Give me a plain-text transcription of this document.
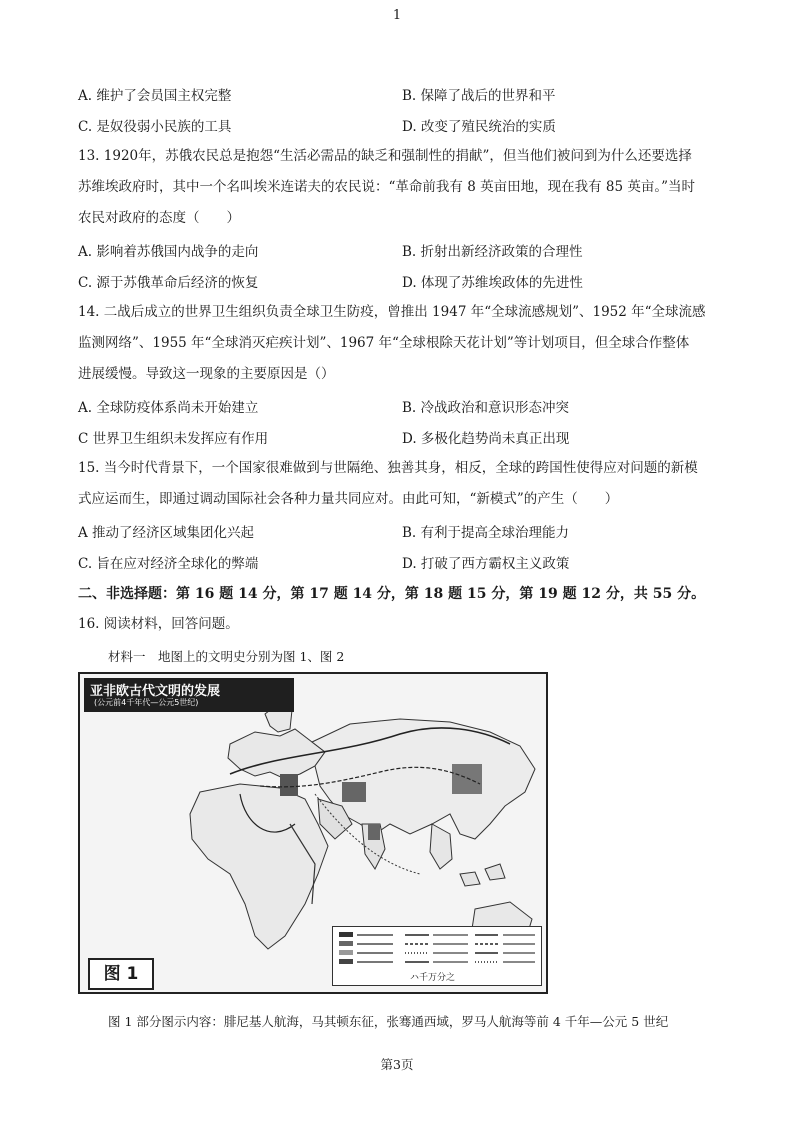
1
A. 维护了会员国主权完整	B. 保障了战后的世界和平
C. 是奴役弱小民族的工具	D. 改变了殖民统治的实质
13. 1920年，苏俄农民总是抱怨“生活必需品的缺乏和强制性的捐献”，但当他们被问到为什么还要选择
苏维埃政府时，其中一个名叫埃米连诺夫的农民说：“革命前我有 8 英亩田地，现在我有 85 英亩。”当时
农民对政府的态度（　　）
A. 影响着苏俄国内战争的走向	B. 折射出新经济政策的合理性
C. 源于苏俄革命后经济的恢复	D. 体现了苏维埃政体的先进性
14. 二战后成立的世界卫生组织负责全球卫生防疫，曾推出 1947 年“全球流感规划”、1952 年“全球流感
监测网络”、1955 年“全球消灭疟疾计划”、1967 年“全球根除天花计划”等计划项目，但全球合作整体
进展缓慢。导致这一现象的主要原因是（）
A. 全球防疫体系尚未开始建立	B. 冷战政治和意识形态冲突
C 世界卫生组织未发挥应有作用	D. 多极化趋势尚未真正出现
15. 当今时代背景下，一个国家很难做到与世隔绝、独善其身，相反，全球的跨国性使得应对问题的新模
式应运而生，即通过调动国际社会各种力量共同应对。由此可知，“新模式”的产生（　　）
A 推动了经济区域集团化兴起	B. 有利于提高全球治理能力
C. 旨在应对经济全球化的弊端	D. 打破了西方霸权主义政策
二、非选择题：第 16 题 14 分，第 17 题 14 分，第 18 题 15 分，第 19 题 12 分，共 55 分。
16. 阅读材料，回答问题。
材料一　地图上的文明史分别为图 1、图 2
亚非欧古代文明的发展
(公元前4千年代—公元5世纪)
ハ千万分之
图 1
图 1 部分图示内容：腓尼基人航海，马其顿东征，张骞通西域，罗马人航海等前 4 千年—公元 5 世纪
第3页
